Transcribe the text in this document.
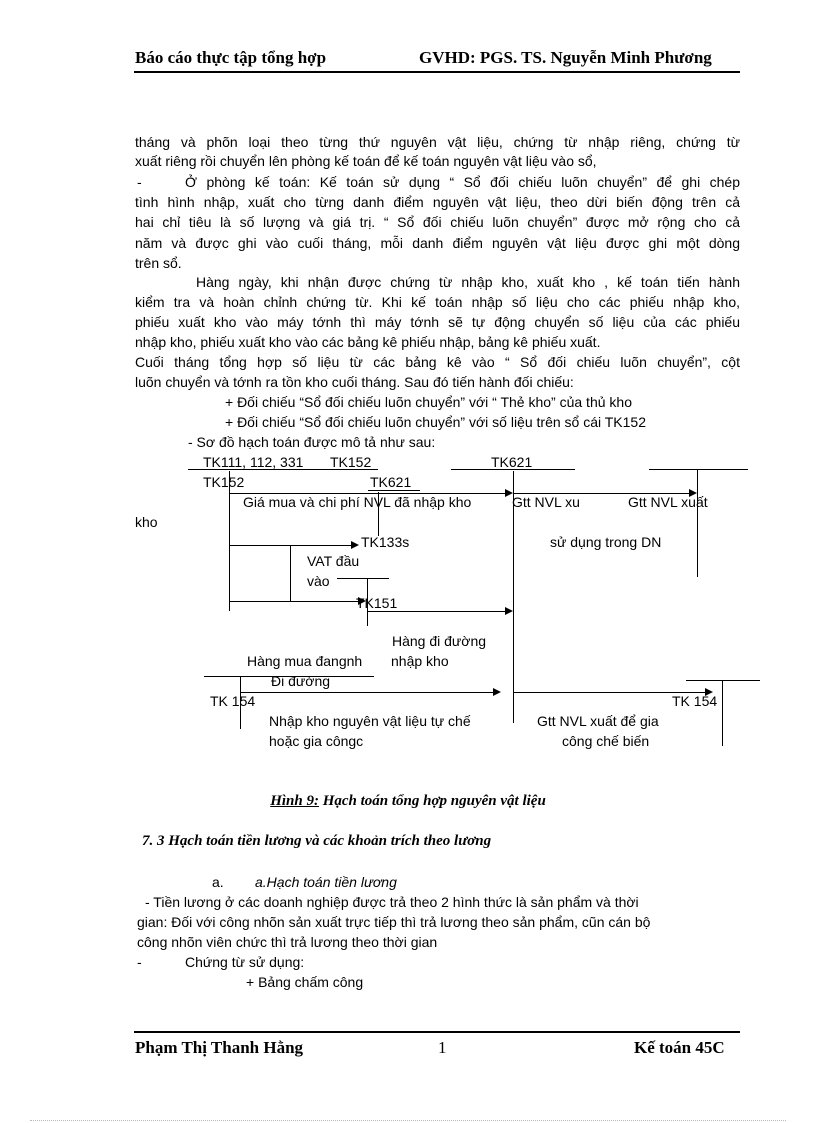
Báo cáo thực tập tổng hợp	GVHD: PGS. TS. Nguyễn Minh Phương
tháng và phõn loại theo từng thứ nguyên vật liệu, chứng từ nhập riêng, chứng từ
xuất riêng rồi chuyển lên phòng kế toán để kế toán nguyên vật liệu vào sổ,
-	Ở phòng kế toán: Kế toán sử dụng “ Sổ đối chiếu luõn chuyển” để ghi chép
tình hình nhập, xuất cho từng danh điểm nguyên vật liệu, theo dừi biến động trên cả
hai chỉ tiêu là số lượng và giá trị. “ Sổ đối chiếu luõn chuyển” được mở rộng cho cả
năm và được ghi vào cuối tháng, mỗi danh điểm nguyên vật liệu được ghi một dòng
trên sổ.
Hàng ngày, khi nhận được chứng từ nhập kho, xuất kho , kế toán tiến hành
kiểm tra và hoàn chỉnh chứng từ. Khi kế toán nhập số liệu cho các phiếu nhập kho,
phiếu xuất kho vào máy tớnh thì máy tớnh sẽ tự động chuyển số liệu của các phiếu
nhập kho, phiếu xuất kho vào các bảng kê phiếu nhập, bảng kê phiếu xuất.
Cuối tháng tổng hợp số liệu từ các bảng kê vào “ Sổ đối chiếu luõn chuyển”, cột
luõn chuyển và tớnh ra tồn kho cuối tháng. Sau đó tiến hành đối chiếu:
+ Đối chiếu “Sổ đối chiếu luõn chuyển” với “ Thẻ kho” của thủ kho
+ Đối chiếu “Sổ đối chiếu luõn chuyển” với số liệu trên sổ cái TK152
- Sơ đồ hạch toán được mô tả như sau:
TK111, 112, 331 TK152	TK621
TK621
TK152
Giá mua và chi phí NVL đã nhập kho	Gtt NVL xu	Gtt NVL xuất
kho
TK133s	sử dụng trong DN
VAT đầu
vào
TK151
Hàng đi đường
nhập kho
Hàng mua đangnh
Đi đường
TK 154	TK 154
Nhập kho nguyên vật liệu tự chế	Gtt NVL xuất để gia
hoặc gia côngc	công chế biến
Hình 9: Hạch toán tổng hợp nguyên vật liệu
7. 3 Hạch toán tiền lương và các khoản trích theo lương
a. a.Hạch toán tiền lương
- Tiền lương ở các doanh nghiệp được trả theo 2 hình thức là sản phẩm và thời
gian: Đối với công nhõn sản xuất trực tiếp thì trả lương theo sản phẩm, cũn cán bộ
công nhõn viên chức thì trả lương theo thời gian
-	Chứng từ sử dụng:
+ Bảng chấm công
Phạm Thị Thanh Hằng	1	Kế toán 45C
